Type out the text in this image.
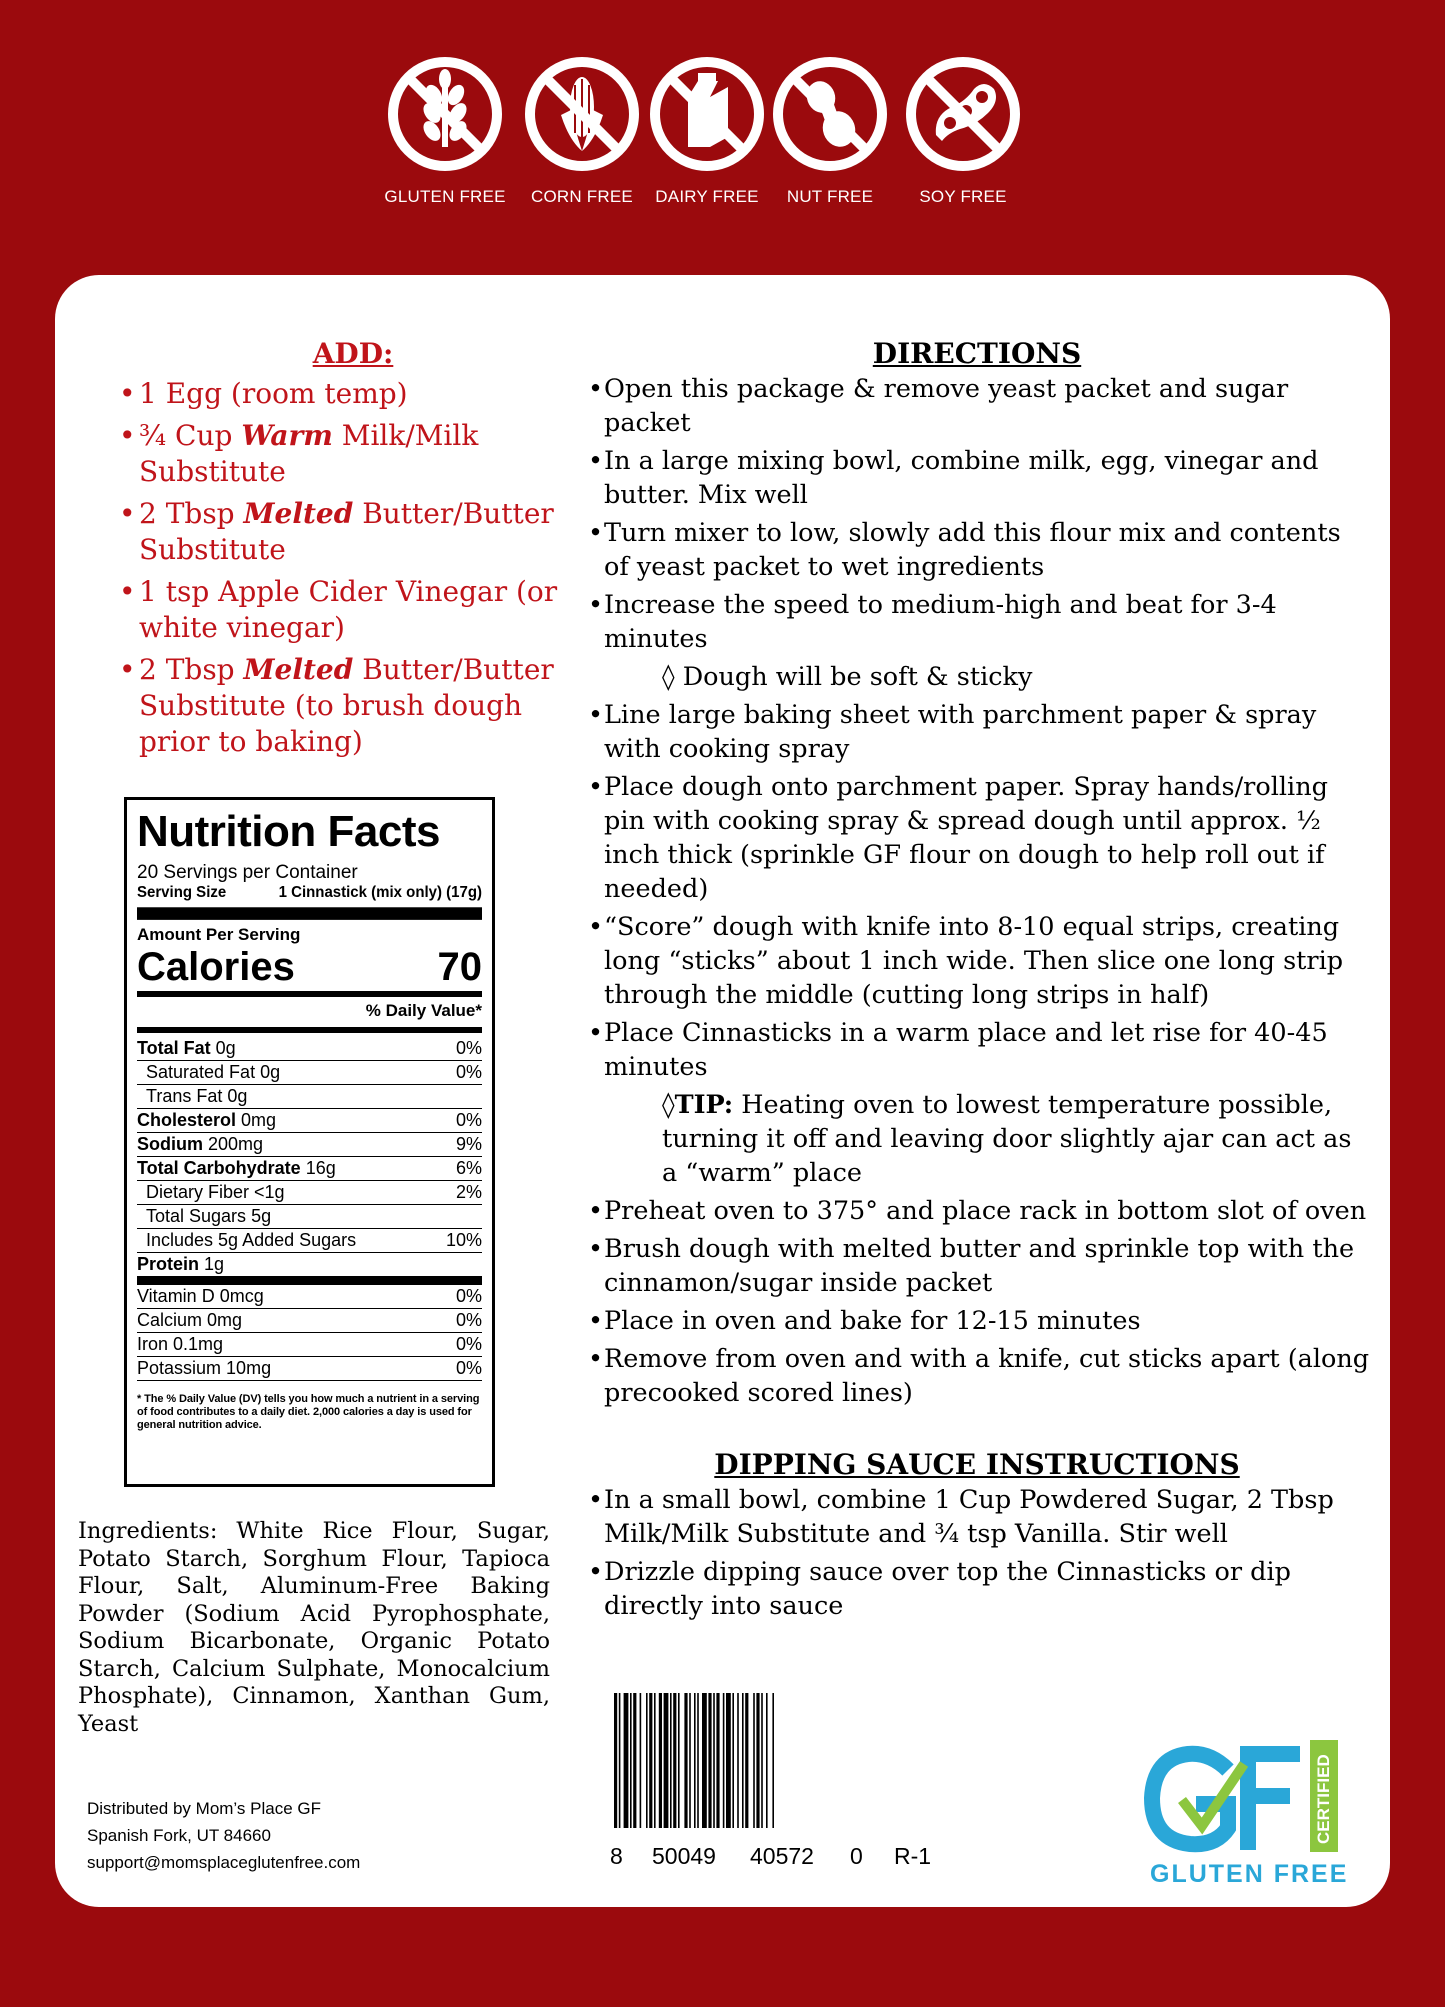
GLUTEN FREE	CORN FREE	DAIRY FREE	NUT FREE	SOY FREE
ADD:
• 1 Egg (room temp)
• ¾ Cup Warm Milk/Milk Substitute
• 2 Tbsp Melted Butter/Butter Substitute
• 1 tsp Apple Cider Vinegar (or white vinegar)
• 2 Tbsp Melted Butter/Butter Substitute (to brush dough prior to baking)
Nutrition Facts
20 Servings per Container
Serving Size	1 Cinnastick (mix only) (17g)
Amount Per Serving
Calories	70
% Daily Value*
Total Fat 0g	0%
Saturated Fat 0g	0%
Trans Fat 0g
Cholesterol 0mg	0%
Sodium 200mg	9%
Total Carbohydrate 16g	6%
Dietary Fiber <1g	2%
Total Sugars 5g
Includes 5g Added Sugars	10%
Protein 1g
Vitamin D 0mcg	0%
Calcium 0mg	0%
Iron 0.1mg	0%
Potassium 10mg	0%
* The % Daily Value (DV) tells you how much a nutrient in a serving of food contributes to a daily diet. 2,000 calories a day is used for general nutrition advice.
Ingredients: White Rice Flour, Sugar, Potato Starch, Sorghum Flour, Tapioca Flour, Salt, Aluminum-Free Baking Powder (Sodium Acid Pyrophosphate, Sodium Bicarbonate, Organic Potato Starch, Calcium Sulphate, Monocalcium Phosphate), Cinnamon, Xanthan Gum, Yeast
Distributed by Mom’s Place GF
Spanish Fork, UT 84660
support@momsplaceglutenfree.com
DIRECTIONS
• Open this package & remove yeast packet and sugar packet
• In a large mixing bowl, combine milk, egg, vinegar and butter. Mix well
• Turn mixer to low, slowly add this flour mix and contents of yeast packet to wet ingredients
• Increase the speed to medium-high and beat for 3-4 minutes
◊ Dough will be soft & sticky
• Line large baking sheet with parchment paper & spray with cooking spray
• Place dough onto parchment paper. Spray hands/rolling pin with cooking spray & spread dough until approx. ½ inch thick (sprinkle GF flour on dough to help roll out if needed)
• “Score” dough with knife into 8-10 equal strips, creating long “sticks” about 1 inch wide. Then slice one long strip through the middle (cutting long strips in half)
• Place Cinnasticks in a warm place and let rise for 40-45 minutes
◊TIP: Heating oven to lowest temperature possible, turning it off and leaving door slightly ajar can act as a “warm” place
• Preheat oven to 375° and place rack in bottom slot of oven
• Brush dough with melted butter and sprinkle top with the cinnamon/sugar inside packet
• Place in oven and bake for 12-15 minutes
• Remove from oven and with a knife, cut sticks apart (along precooked scored lines)
DIPPING SAUCE INSTRUCTIONS
• In a small bowl, combine 1 Cup Powdered Sugar, 2 Tbsp Milk/Milk Substitute and ¾ tsp Vanilla. Stir well
• Drizzle dipping sauce over top the Cinnasticks or dip directly into sauce
8 50049 40572 0 R-1
CERTIFIED
GLUTEN FREE
